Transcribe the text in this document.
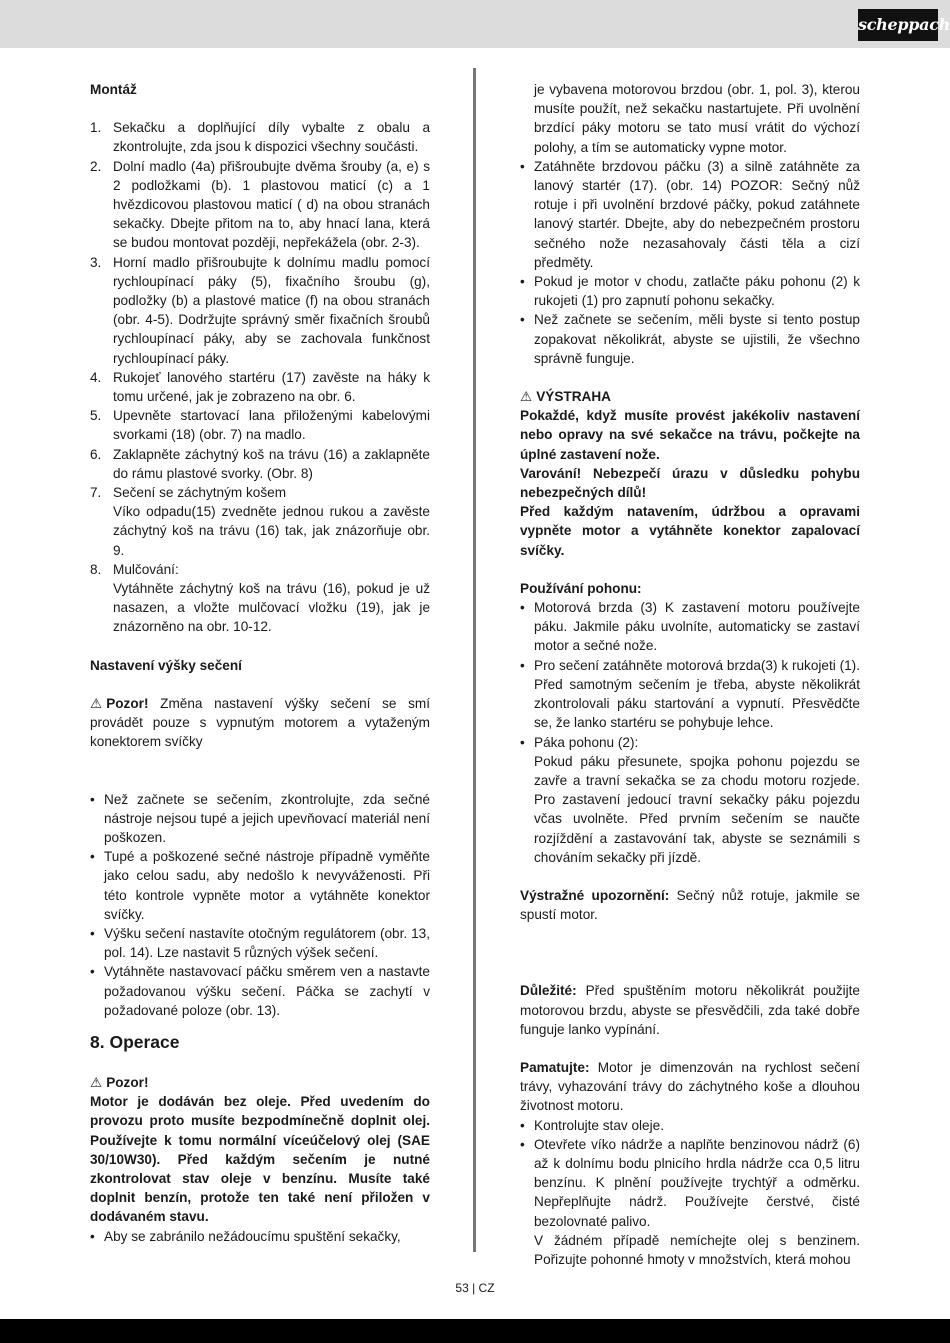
scheppach
Montáž
1. Sekačku a doplňující díly vybalte z obalu a zkontrolujte, zda jsou k dispozici všechny součásti.
2. Dolní madlo (4a) přišroubujte dvěma šrouby (a, e) s 2 podložkami (b). 1 plastovou maticí (c) a 1 hvězdicovou plastovou maticí ( d) na obou stranách sekačky. Dbejte přitom na to, aby hnací lana, která se budou montovat později, nepřekážela (obr. 2-3).
3. Horní madlo přišroubujte k dolnímu madlu pomocí rychloupínací páky (5), fixačního šroubu (g), podložky (b) a plastové matice (f) na obou stranách (obr. 4-5). Dodržujte správný směr fixačních šroubů rychloupínací páky, aby se zachovala funkčnost rychloupínací páky.
4. Rukojeť lanového startéru (17) zavěste na háky k tomu určené, jak je zobrazeno na obr. 6.
5. Upevněte startovací lana přiloženými kabelovými svorkami (18) (obr. 7) na madlo.
6. Zaklapněte záchytný koš na trávu (16) a zaklapněte do rámu plastové svorky. (Obr. 8)
7. Sečení se záchytným košem
Víko odpadu(15) zvedněte jednou rukou a zavěste záchytný koš na trávu (16) tak, jak znázorňuje obr. 9.
8. Mulčování:
Vytáhněte záchytný koš na trávu (16), pokud je už nasazen, a vložte mulčovací vložku (19), jak je znázorněno na obr. 10-12.
Nastavení výšky sečení

⚠ Pozor! Změna nastavení výšky sečení se smí provádět pouze s vypnutým motorem a vytaženým konektorem svíčky

• Než začnete se sečením, zkontrolujte, zda sečné nástroje nejsou tupé a jejich upevňovací materiál není poškozen.
• Tupé a poškozené sečné nástroje případně vyměňte jako celou sadu, aby nedošlo k nevyváženosti. Při této kontrole vypněte motor a vytáhněte konektor svíčky.
• Výšku sečení nastavíte otočným regulátorem (obr. 13, pol. 14). Lze nastavit 5 různých výšek sečení.
• Vytáhněte nastavovací páčku směrem ven a nastavte požadovanou výšku sečení. Páčka se zachytí v požadované poloze (obr. 13).
8. Operace
⚠ Pozor!

Motor je dodáván bez oleje. Před uvedením do provozu proto musíte bezpodmínečně doplnit olej. Používejte k tomu normální víceúčelový olej (SAE 30/10W30). Před každým sečením je nutné zkontrolovat stav oleje v benzínu. Musíte také doplnit benzín, protože ten také není přiložen v dodávaném stavu.

• Aby se zabránilo nežádoucímu spuštění sekačky,
je vybavena motorovou brzdou (obr. 1, pol. 3), kterou musíte použít, než sekačku nastartujete. Při uvolnění brzdící páky motoru se tato musí vrátit do výchozí polohy, a tím se automaticky vypne motor.
• Zatáhněte brzdovou páčku (3) a silně zatáhněte za lanový startér (17). (obr. 14) POZOR: Sečný nůž rotuje i při uvolnění brzdové páčky, pokud zatáhnete lanový startér. Dbejte, aby do nebezpečném prostoru sečného nože nezasahovaly části těla a cizí předměty.
• Pokud je motor v chodu, zatlačte páku pohonu (2) k rukojeti (1) pro zapnutí pohonu sekačky.
• Než začnete se sečením, měli byste si tento postup zopakovat několikrát, abyste se ujistili, že všechno správně funguje.
⚠ VÝSTRAHA

Pokaždé, když musíte provést jakékoliv nastavení nebo opravy na své sekačce na trávu, počkejte na úplné zastavení nože.

Varování! Nebezpečí úrazu v důsledku pohybu nebezpečných dílů!

Před každým natavením, údržbou a opravami vypněte motor a vytáhněte konektor zapalovací svíčky.

Používání pohonu:
• Motorová brzda (3) K zastavení motoru používejte páku. Jakmile páku uvolníte, automaticky se zastaví motor a sečné nože.
• Pro sečení zatáhněte motorová brzda(3) k rukojeti (1). Před samotným sečením je třeba, abyste několikrát zkontrolovali páku startování a vypnutí. Přesvědčte se, že lanko startéru se pohybuje lehce.
• Páka pohonu (2):
Pokud páku přesunete, spojka pohonu pojezdu se zavře a travní sekačka se za chodu motoru rozjede. Pro zastavení jedoucí travní sekačky páku pojezdu včas uvolněte. Před prvním sečením se naučte rozjíždění a zastavování tak, abyste se seznámili s chováním sekačky při jízdě.

Výstražné upozornění: Sečný nůž rotuje, jakmile se spustí motor.

Důležité: Před spuštěním motoru několikrát použijte motorovou brzdu, abyste se přesvědčili, zda také dobře funguje lanko vypínání.

Pamatujte: Motor je dimenzován na rychlost sečení trávy, vyhazování trávy do záchytného koše a dlouhou životnost motoru.

• Kontrolujte stav oleje.
• Otevřete víko nádrže a naplňte benzinovou nádrž (6) až k dolnímu bodu plnicího hrdla nádrže cca 0,5 litru benzínu. K plnění používejte trychtýř a odměrku. Nepřeplňujte nádrž. Používejte čerstvé, čisté bezolovnaté palivo.
V žádném případě nemíchejte olej s benzinem. Pořizujte pohonné hmoty v množstvích, která mohou
53 | CZ
